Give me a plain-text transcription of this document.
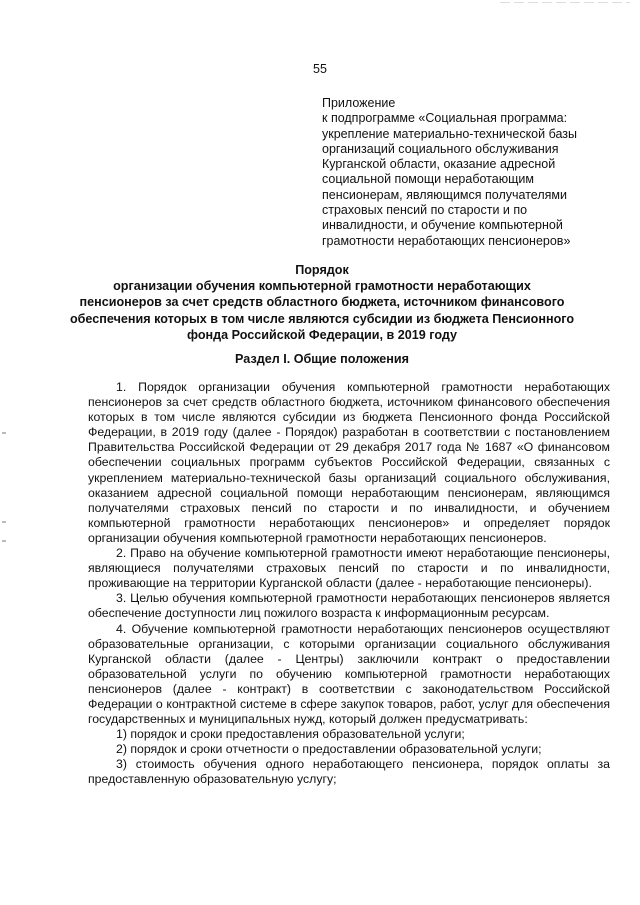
55
Приложение
к подпрограмме «Социальная программа:
укрепление материально-технической базы
организаций социального обслуживания
Курганской области, оказание адресной
социальной помощи неработающим
пенсионерам, являющимся получателями
страховых пенсий по старости и по
инвалидности, и обучение компьютерной
грамотности неработающих пенсионеров»
Порядок
организации обучения компьютерной грамотности неработающих
пенсионеров за счет средств областного бюджета, источником финансового
обеспечения которых в том числе являются субсидии из бюджета Пенсионного
фонда Российской Федерации, в 2019 году
Раздел I. Общие положения

1. Порядок организации обучения компьютерной грамотности неработающих пенсионеров за счет средств областного бюджета, источником финансового обеспечения которых в том числе являются субсидии из бюджета Пенсионного фонда Российской Федерации, в 2019 году (далее - Порядок) разработан в соответствии с постановлением Правительства Российской Федерации от 29 декабря 2017 года № 1687 «О финансовом обеспечении социальных программ субъектов Российской Федерации, связанных с укреплением материально-технической базы организаций социального обслуживания, оказанием адресной социальной помощи неработающим пенсионерам, являющимся получателями страховых пенсий по старости и по инвалидности, и обучением компьютерной грамотности неработающих пенсионеров» и определяет порядок организации обучения компьютерной грамотности неработающих пенсионеров.

2. Право на обучение компьютерной грамотности имеют неработающие пенсионеры, являющиеся получателями страховых пенсий по старости и по инвалидности, проживающие на территории Курганской области (далее - неработающие пенсионеры).

3. Целью обучения компьютерной грамотности неработающих пенсионеров является обеспечение доступности лиц пожилого возраста к информационным ресурсам.

4. Обучение компьютерной грамотности неработающих пенсионеров осуществляют образовательные организации, с которыми организации социального обслуживания Курганской области (далее - Центры) заключили контракт о предоставлении образовательной услуги по обучению компьютерной грамотности неработающих пенсионеров (далее - контракт) в соответствии с законодательством Российской Федерации о контрактной системе в сфере закупок товаров, работ, услуг для обеспечения государственных и муниципальных нужд, который должен предусматривать:

1) порядок и сроки предоставления образовательной услуги;

2) порядок и сроки отчетности о предоставлении образовательной услуги;

3) стоимость обучения одного неработающего пенсионера, порядок оплаты за предоставленную образовательную услугу;
